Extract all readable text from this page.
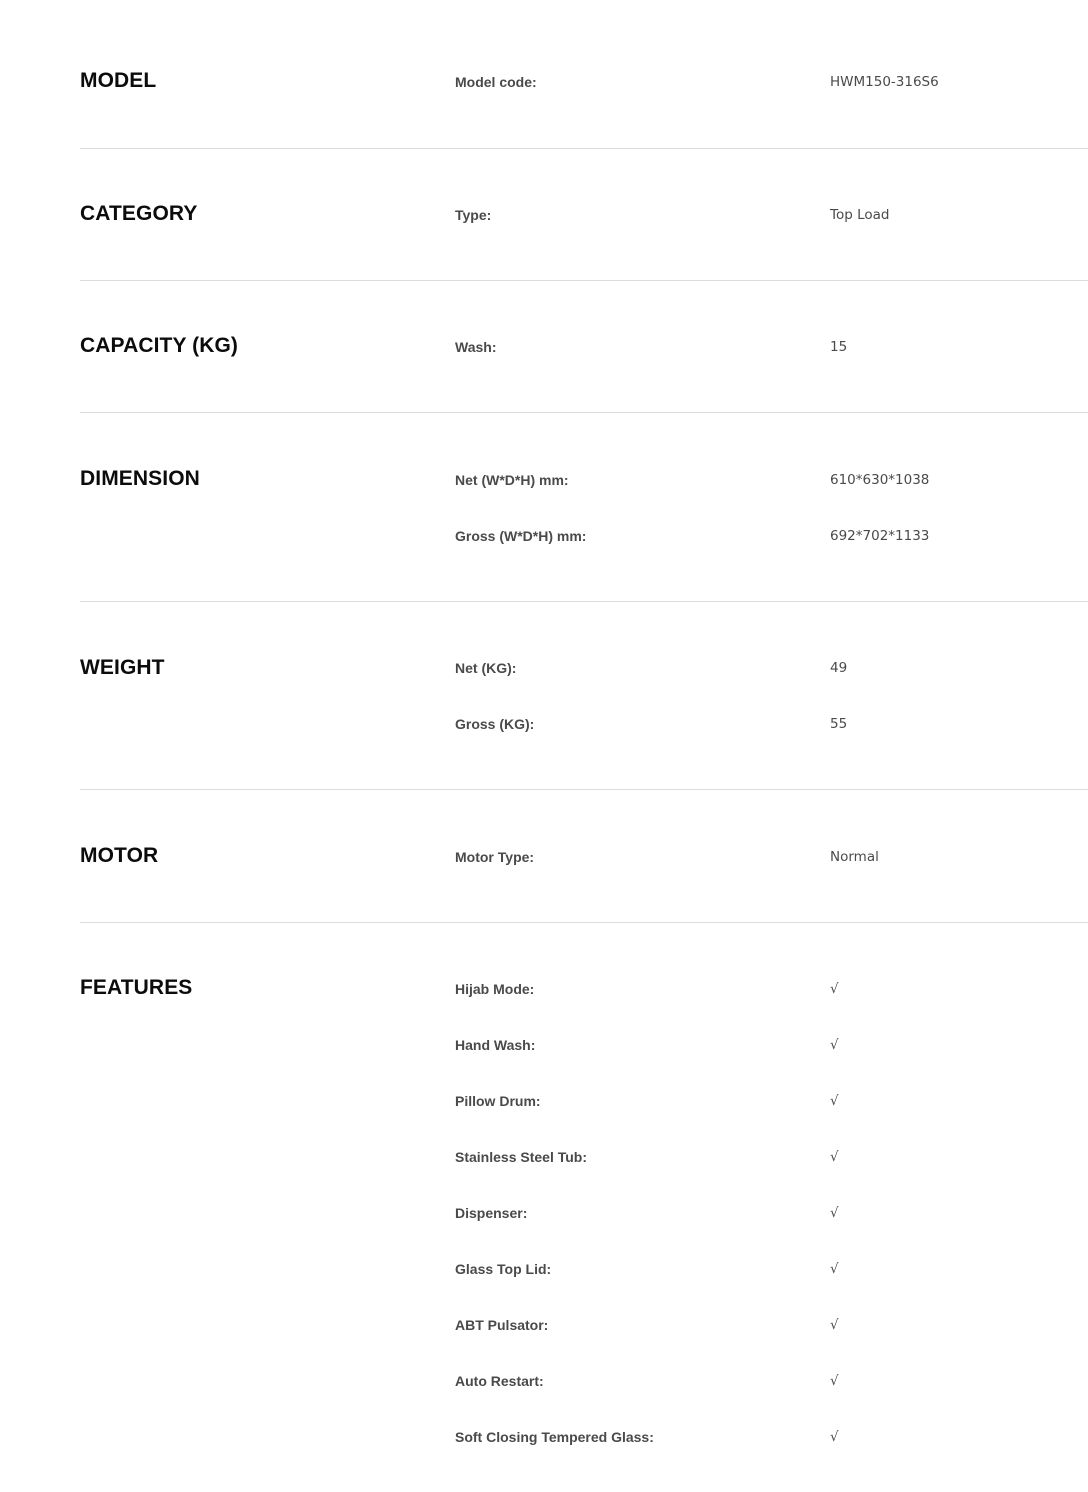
MODEL	Model code:	HWM150-316S6
CATEGORY	Type:	Top Load
CAPACITY (KG)	Wash:	15
DIMENSION	Net (W*D*H) mm:	610*630*1038
Gross (W*D*H) mm:	692*702*1133
WEIGHT	Net (KG):	49
Gross (KG):	55
MOTOR	Motor Type:	Normal
FEATURES	Hijab Mode:	√
Hand Wash:	√
Pillow Drum:	√
Stainless Steel Tub:	√
Dispenser:	√
Glass Top Lid:	√
ABT Pulsator:	√
Auto Restart:	√
Soft Closing Tempered Glass:	√
